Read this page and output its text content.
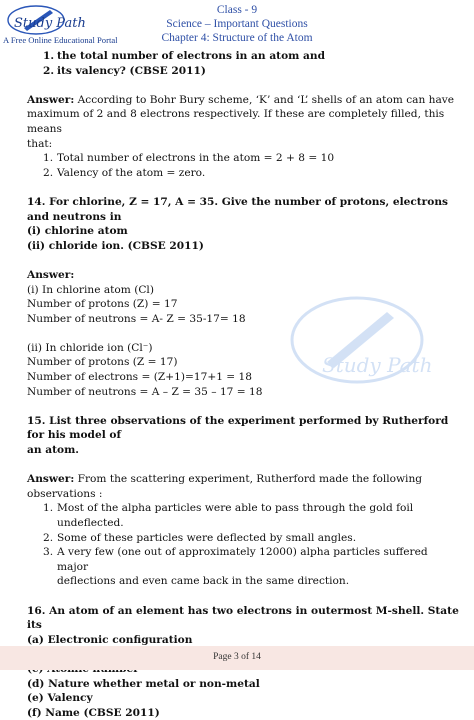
Study Path
A Free Online Educational Portal
Class - 9
Science – Important Questions
Chapter 4: Structure of the Atom
Study Path
1. the total number of electrons in an atom and
2. its valency? (CBSE 2011)

Answer: According to Bohr Bury scheme, ‘K’ and ‘L’ shells of an atom can have

maximum of 2 and 8 electrons respectively. If these are completely filled, this means

that:

1. Total number of electrons in the atom = 2 + 8 = 10
2. Valency of the atom = zero.

14. For chlorine, Z = 17, A = 35. Give the number of protons, electrons and neutrons in

(i) chlorine atom

(ii) chloride ion. (CBSE 2011)

Answer:

(i) In chlorine atom (Cl)

Number of protons (Z) = 17

Number of neutrons = A- Z = 35-17= 18

(ii) In chloride ion (Cl⁻)

Number of protons (Z = 17)

Number of electrons = (Z+1)=17+1 = 18

Number of neutrons = A – Z = 35 – 17 = 18

15. List three observations of the experiment performed by Rutherford for his model of

an atom.

Answer: From the scattering experiment, Rutherford made the following observations :

1. Most of the alpha particles were able to pass through the gold foil undeflected.
2. Some of these particles were deflected by small angles.
3. A very few (one out of approximately 12000) alpha particles suffered major
deflections and even came back in the same direction.

16. An atom of an element has two electrons in outermost M-shell. State its

(a) Electronic configuration

(d) Nature whether metal or non-metal

(e) Valency

(f) Name (CBSE 2011)

Page 3 of 14
